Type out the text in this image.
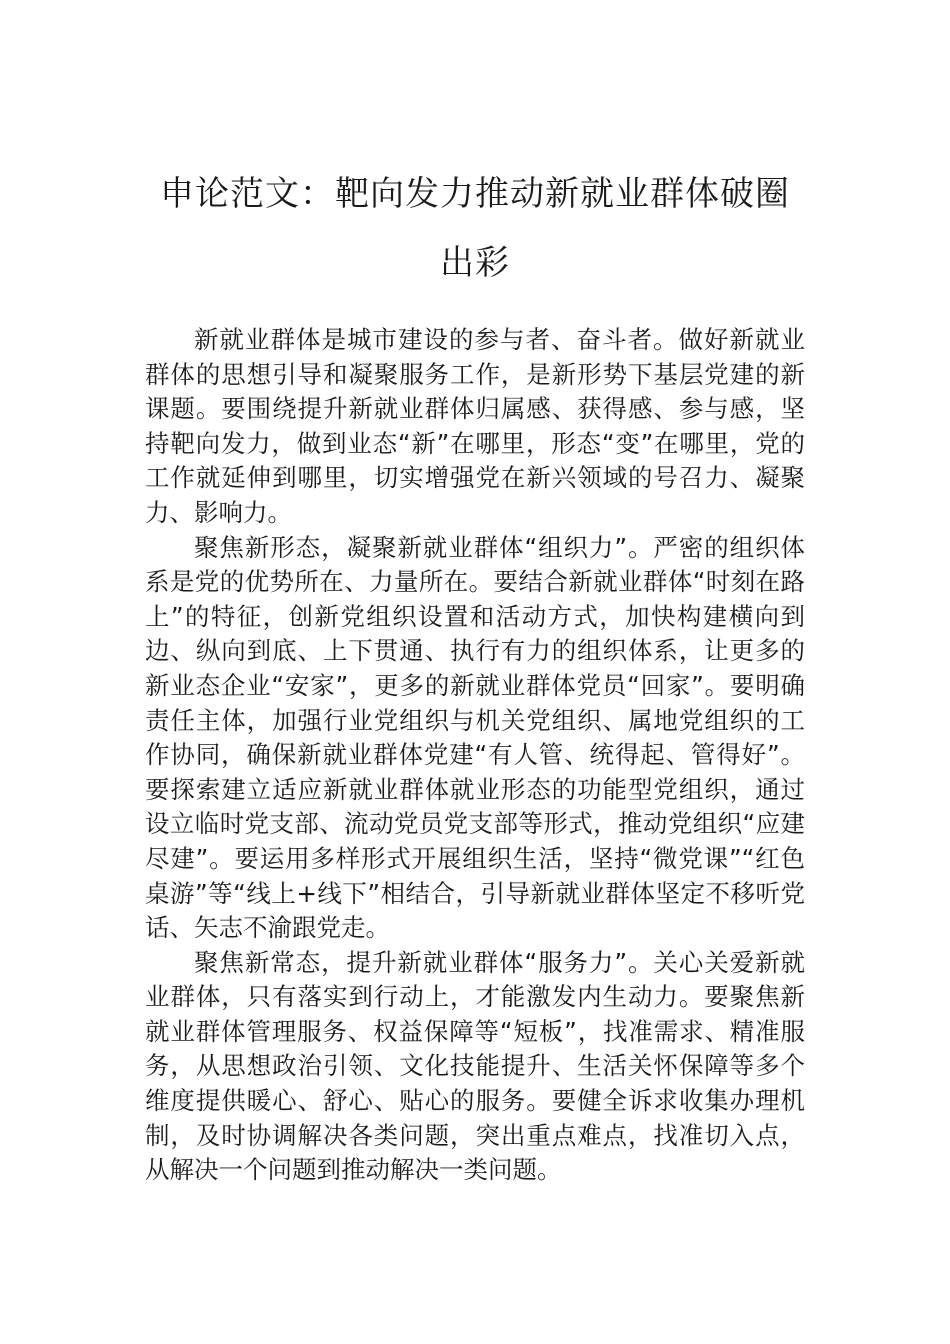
申论范文：靶向发力推动新就业群体破圈
出彩

新就业群体是城市建设的参与者、奋斗者。做好新就业群体的思想引导和凝聚服务工作，是新形势下基层党建的新课题。要围绕提升新就业群体归属感、获得感、参与感，坚持靶向发力，做到业态“新”在哪里，形态“变”在哪里，党的工作就延伸到哪里，切实增强党在新兴领域的号召力、凝聚力、影响力。

聚焦新形态，凝聚新就业群体“组织力”。严密的组织体系是党的优势所在、力量所在。要结合新就业群体“时刻在路上”的特征，创新党组织设置和活动方式，加快构建横向到边、纵向到底、上下贯通、执行有力的组织体系，让更多的新业态企业“安家”，更多的新就业群体党员“回家”。要明确责任主体，加强行业党组织与机关党组织、属地党组织的工作协同，确保新就业群体党建“有人管、统得起、管得好”。要探索建立适应新就业群体就业形态的功能型党组织，通过设立临时党支部、流动党员党支部等形式，推动党组织“应建尽建”。要运用多样形式开展组织生活，坚持“微党课”“红色桌游”等“线上+线下”相结合，引导新就业群体坚定不移听党话、矢志不渝跟党走。

聚焦新常态，提升新就业群体“服务力”。关心关爱新就业群体，只有落实到行动上，才能激发内生动力。要聚焦新就业群体管理服务、权益保障等“短板”，找准需求、精准服务，从思想政治引领、文化技能提升、生活关怀保障等多个维度提供暖心、舒心、贴心的服务。要健全诉求收集办理机制，及时协调解决各类问题，突出重点难点，找准切入点，从解决一个问题到推动解决一类问题。
